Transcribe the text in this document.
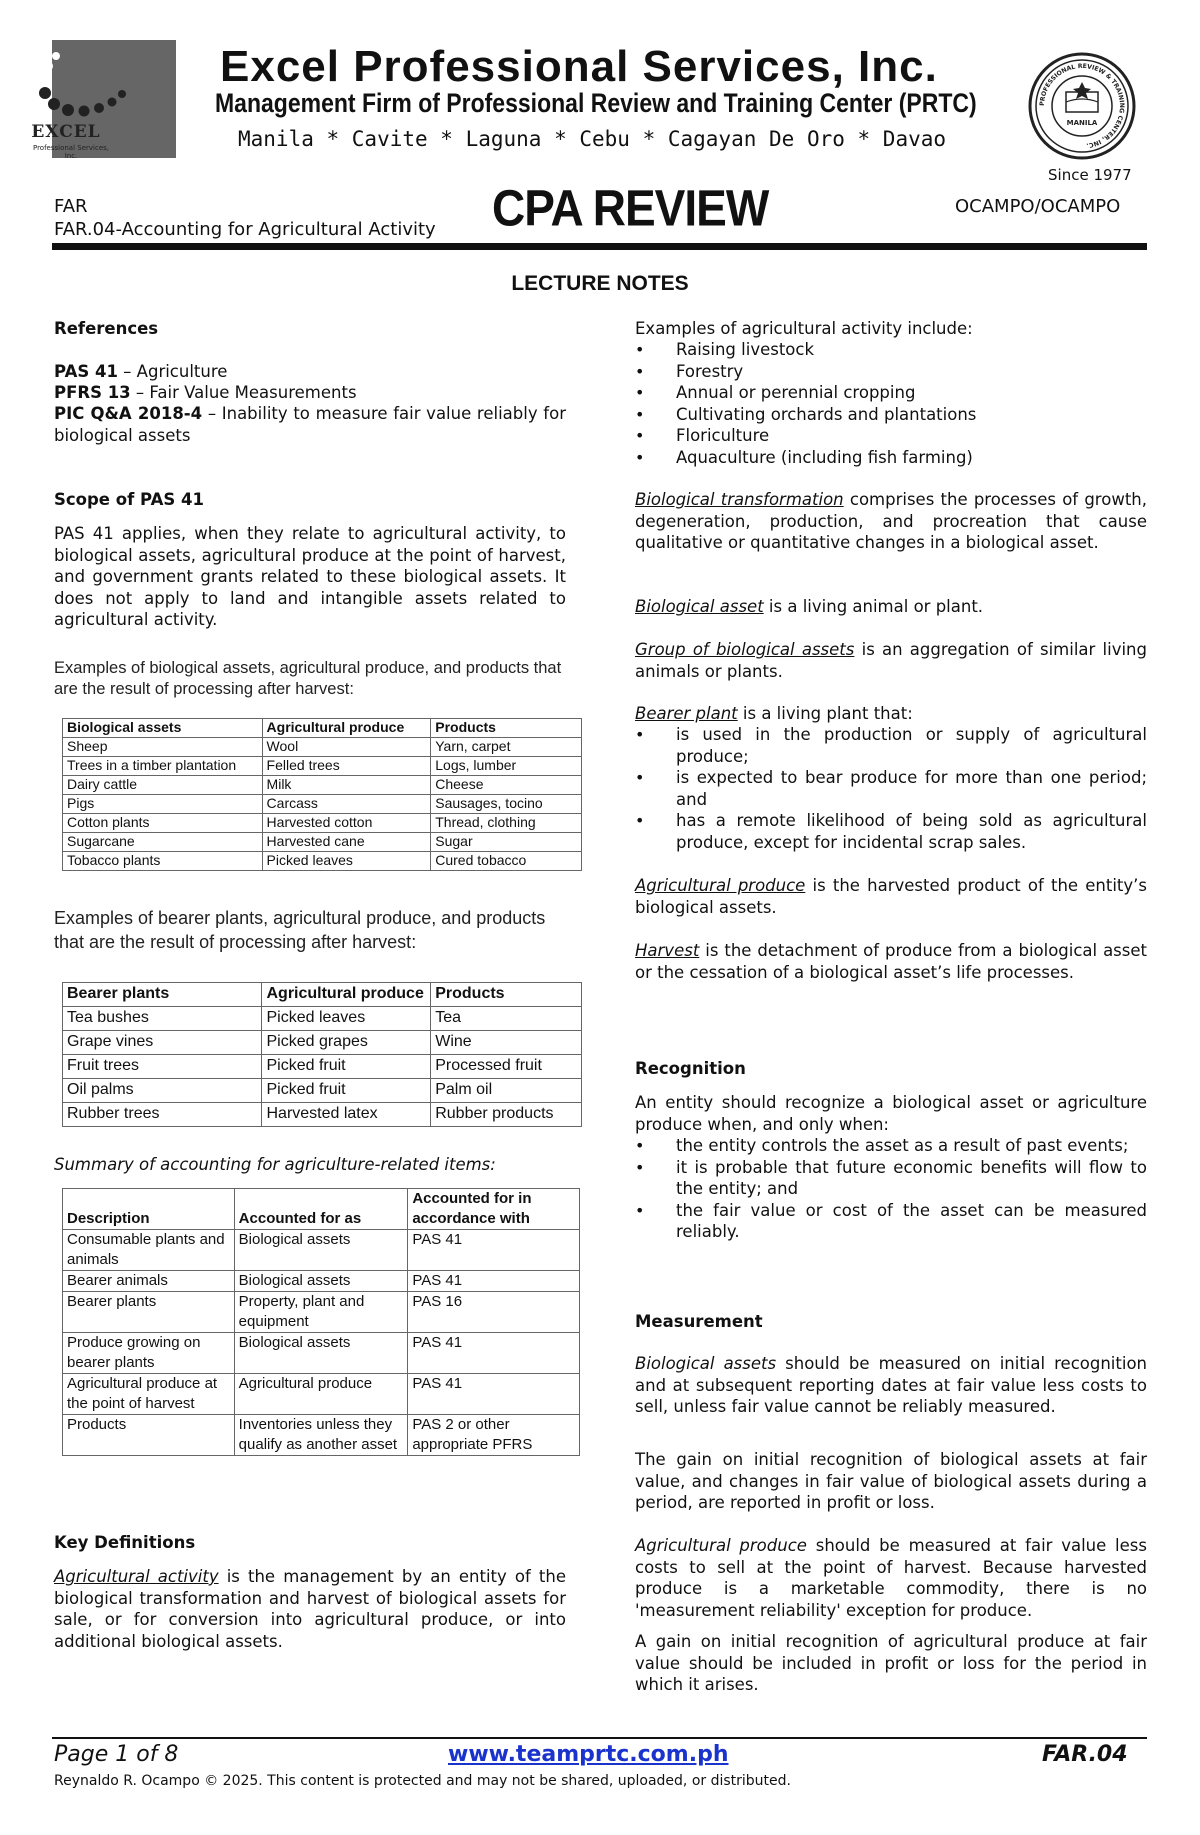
EXCEL
Professional Services, Inc.
Excel Professional Services, Inc.
Management Firm of Professional Review and Training Center (PRTC)
Manila * Cavite * Laguna * Cebu * Cagayan De Oro * Davao
PROFESSIONAL REVIEW & TRAINING CENTER, INC.
MANILA
Since 1977
FAR
FAR.04-Accounting for Agricultural Activity CPA REVIEW	OCAMPO/OCAMPO
LECTURE NOTES
References
PAS 41 – Agriculture
PFRS 13 – Fair Value Measurements
PIC Q&A 2018-4 – Inability to measure fair value reliably for biological assets
Scope of PAS 41
PAS 41 applies, when they relate to agricultural activity, to biological assets, agricultural produce at the point of harvest, and government grants related to these biological assets. It does not apply to land and intangible assets related to agricultural activity.
Examples of biological assets, agricultural produce, and products that are the result of processing after harvest:
Biological assets	Agricultural produce	Products
Sheep	Wool	Yarn, carpet
Trees in a timber plantation	Felled trees	Logs, lumber
Dairy cattle	Milk	Cheese
Pigs	Carcass	Sausages, tocino
Cotton plants	Harvested cotton	Thread, clothing
Sugarcane	Harvested cane	Sugar
Tobacco plants	Picked leaves	Cured tobacco
Examples of bearer plants, agricultural produce, and products that are the result of processing after harvest:
Bearer plants	Agricultural produce	Products
Tea bushes	Picked leaves	Tea
Grape vines	Picked grapes	Wine
Fruit trees	Picked fruit	Processed fruit
Oil palms	Picked fruit	Palm oil
Rubber trees	Harvested latex	Rubber products
Summary of accounting for agriculture-related items:
Description	Accounted for as	Accounted for in accordance with
Consumable plants and animals	Biological assets	PAS 41
Bearer animals	Biological assets	PAS 41
Bearer plants	Property, plant and equipment	PAS 16
Produce growing on bearer plants	Biological assets	PAS 41
Agricultural produce at the point of harvest	Agricultural produce	PAS 41
Products	Inventories unless they qualify as another asset	PAS 2 or other appropriate PFRS
Key Definitions
Agricultural activity is the management by an entity of the biological transformation and harvest of biological assets for sale, or for conversion into agricultural produce, or into additional biological assets.
Examples of agricultural activity include:
• Raising livestock
• Forestry
• Annual or perennial cropping
• Cultivating orchards and plantations
• Floriculture
• Aquaculture (including fish farming)
Biological transformation comprises the processes of growth, degeneration, production, and procreation that cause qualitative or quantitative changes in a biological asset.
Biological asset is a living animal or plant.
Group of biological assets is an aggregation of similar living animals or plants.
Bearer plant is a living plant that:
• is used in the production or supply of agricultural produce;
• is expected to bear produce for more than one period; and
• has a remote likelihood of being sold as agricultural produce, except for incidental scrap sales.
Agricultural produce is the harvested product of the entity’s biological assets.
Harvest is the detachment of produce from a biological asset or the cessation of a biological asset’s life processes.
Recognition
An entity should recognize a biological asset or agriculture produce when, and only when:
• the entity controls the asset as a result of past events;
• it is probable that future economic benefits will flow to the entity; and
• the fair value or cost of the asset can be measured reliably.
Measurement
Biological assets should be measured on initial recognition and at subsequent reporting dates at fair value less costs to sell, unless fair value cannot be reliably measured.
The gain on initial recognition of biological assets at fair value, and changes in fair value of biological assets during a period, are reported in profit or loss.
Agricultural produce should be measured at fair value less costs to sell at the point of harvest. Because harvested produce is a marketable commodity, there is no 'measurement reliability' exception for produce.
A gain on initial recognition of agricultural produce at fair value should be included in profit or loss for the period in which it arises.
Page 1 of 8	www.teamprtc.com.ph	FAR.04
Reynaldo R. Ocampo © 2025. This content is protected and may not be shared, uploaded, or distributed.
